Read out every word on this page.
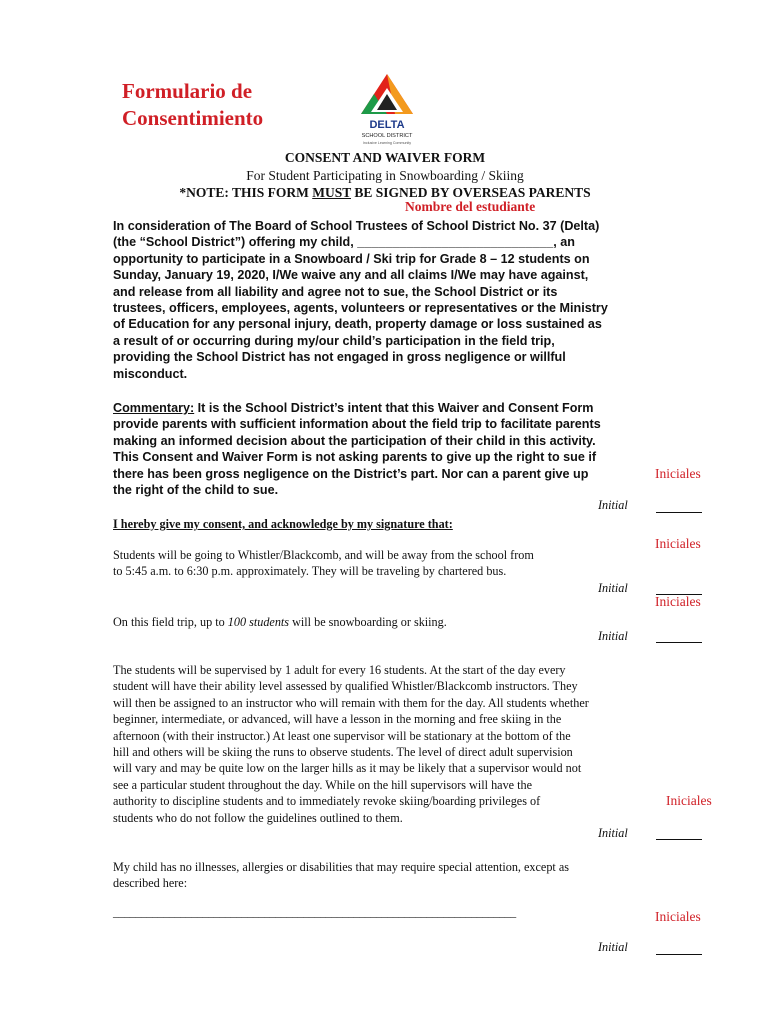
Formulario de
Consentimiento	DELTA
SCHOOL DISTRICT
Inclusive Learning Community
CONSENT AND WAIVER FORM
For Student Participating in Snowboarding / Skiing
*NOTE: THIS FORM MUST BE SIGNED BY OVERSEAS PARENTS
Nombre del estudiante
In consideration of The Board of School Trustees of School District No. 37 (Delta)
(the “School District”) offering my child, ____________________________, an
opportunity to participate in a Snowboard / Ski trip for Grade 8 – 12 students on
Sunday, January 19, 2020, I/We waive any and all claims I/We may have against,
and release from all liability and agree not to sue, the School District or its
trustees, officers, employees, agents, volunteers or representatives or the Ministry
of Education for any personal injury, death, property damage or loss sustained as
a result of or occurring during my/our child’s participation in the field trip,
providing the School District has not engaged in gross negligence or willful
misconduct.
Commentary: It is the School District’s intent that this Waiver and Consent Form
provide parents with sufficient information about the field trip to facilitate parents
making an informed decision about the participation of their child in this activity.
This Consent and Waiver Form is not asking parents to give up the right to sue if
there has been gross negligence on the District’s part. Nor can a parent give up
the right of the child to sue.
Iniciales
Initial
I hereby give my consent, and acknowledge by my signature that:
Iniciales
Students will be going to Whistler/Blackcomb, and will be away from the school from
to 5:45 a.m. to 6:30 p.m. approximately. They will be traveling by chartered bus.
Initial
Iniciales
On this field trip, up to 100 students will be snowboarding or skiing.
Initial
The students will be supervised by 1 adult for every 16 students. At the start of the day every
student will have their ability level assessed by qualified Whistler/Blackcomb instructors. They
will then be assigned to an instructor who will remain with them for the day. All students whether
beginner, intermediate, or advanced, will have a lesson in the morning and free skiing in the
afternoon (with their instructor.) At least one supervisor will be stationary at the bottom of the
hill and others will be skiing the runs to observe students. The level of direct adult supervision
will vary and may be quite low on the larger hills as it may be likely that a supervisor would not
see a particular student throughout the day. While on the hill supervisors will have the
authority to discipline students and to immediately revoke skiing/boarding privileges of
students who do not follow the guidelines outlined to them.
Iniciales
Initial
My child has no illnesses, allergies or disabilities that may require special attention, except as
described here:
________________________________________________________________________	Iniciales
Initial
